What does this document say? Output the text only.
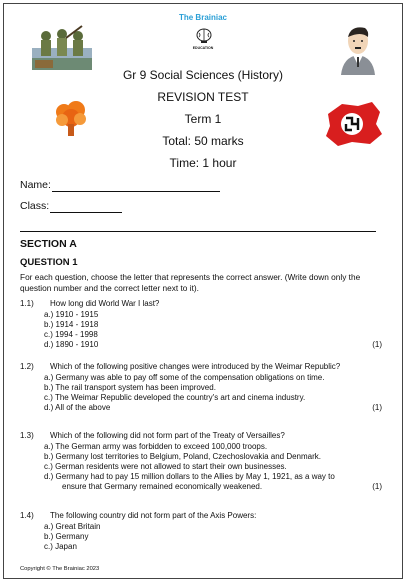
The Brainiac
EDUCATION
Gr 9 Social Sciences (History)
REVISION TEST
Term 1
Total: 50 marks
Time: 1 hour
Name:
Class:
SECTION A
QUESTION 1
For each question, choose the letter that represents the correct answer. (Write down only the question number and the correct letter next to it).
1.1)	How long did World War I last?
a.) 1910 - 1915
b.) 1914 - 1918
c.) 1994 - 1998
d.) 1890 - 1910	(1)
1.2)	Which of the following positive changes were introduced by the Weimar Republic?
a.) Germany was able to pay off some of the compensation obligations on time.
b.) The rail transport system has been improved.
c.) The Weimar Republic developed the country's art and cinema industry.
d.) All of the above	(1)
1.3)	Which of the following did not form part of the Treaty of Versailles?
a.) The German army was forbidden to exceed 100,000 troops.
b.) Germany lost territories to Belgium, Poland, Czechoslovakia and Denmark.
c.) German residents were not allowed to start their own businesses.
d.) Germany had to pay 15 million dollars to the Allies by May 1, 1921, as a way to
ensure that Germany remained economically weakened.	(1)
1.4)	The following country did not form part of the Axis Powers:
a.) Great Britain
b.) Germany
c.) Japan
Copyright © The Brainiac 2023
